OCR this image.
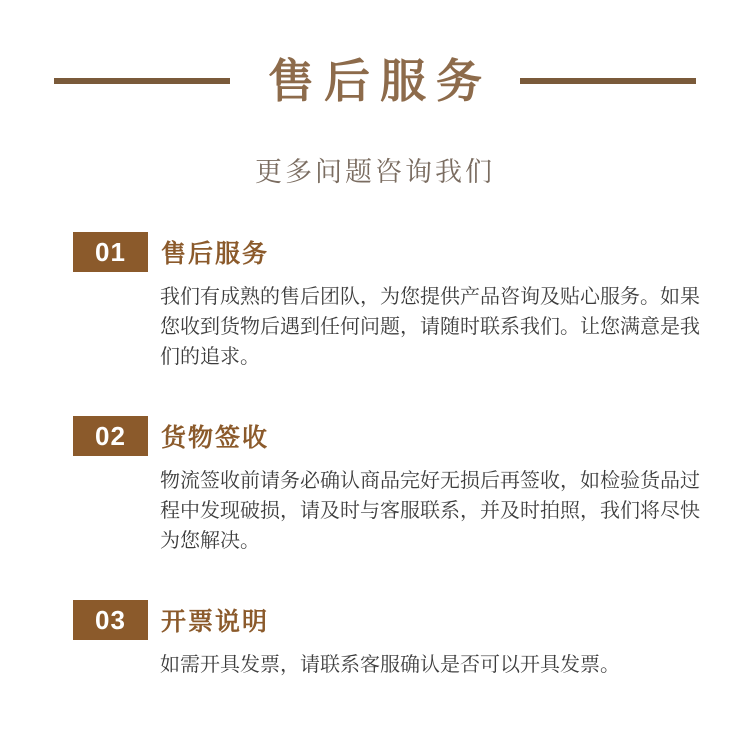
售后服务
更多问题咨询我们
01	售后服务

我们有成熟的售后团队，为您提供产品咨询及贴心服务。如果您收到货物后遇到任何问题，请随时联系我们。让您满意是我们的追求。

02	货物签收

物流签收前请务必确认商品完好无损后再签收，如检验货品过程中发现破损，请及时与客服联系，并及时拍照，我们将尽快为您解决。

03	开票说明

如需开具发票，请联系客服确认是否可以开具发票。
